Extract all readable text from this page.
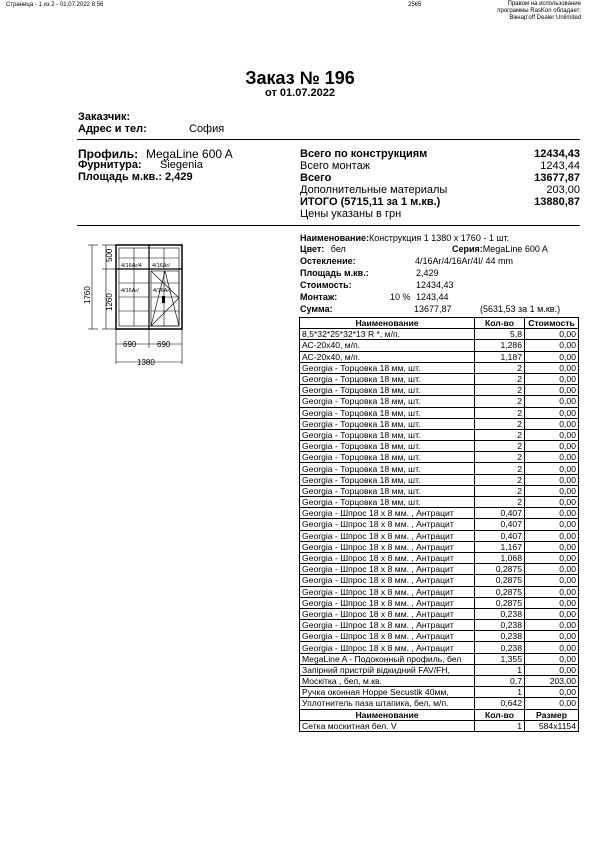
Страница - 1 из 2 - 01.07.2022 8:56	2565	Правом на использование
программы RasKon обладает:
Вікнар'off Dealer Unlimited
Заказ № 196
от 01.07.2022
Заказчик:
Адрес и тел:	София
Профиль: MegaLine 600 A
Фурнитура: Siegenia
Площадь м.кв.: 2,429
Всего по конструкциям	12434,43
Всего монтаж	1243,44
Всего	13677,87
Дополнительные материалы	203,00
ИТОГО (5715,11 за 1 м.кв.)	13880,87
Цены указаны в грн
4/16Ar/4 4/16Ar/
4/16Ar/	4/16Ar/
500
1260
1760
690	690
1380
Наименование:Конструкция 1 1380 x 1760 - 1 шт.
Цвет: бел	Серия:MegaLine 600 A
Остекление:	4/16Ar/4/16Ar/4I/ 44 mm
Площадь м.кв.:	2,429
Стоимость:	12434,43
Монтаж:	10 % 1243,44
Сумма:	13677,87	(5631,53 за 1 м.кв.)
Наименование	Кол-во	Стоимость
8,5*32*25*32*13 R *, м/п.	5,8	0,00
АС-20х40, м/п.	1,286	0,00
АС-20х40, м/п.	1,187	0,00
Georgia - Торцовка 18 мм, шт.	2	0,00
Georgia - Торцовка 18 мм, шт.	2	0,00
Georgia - Торцовка 18 мм, шт.	2	0,00
Georgia - Торцовка 18 мм, шт.	2	0,00
Georgia - Торцовка 18 мм, шт.	2	0,00
Georgia - Торцовка 18 мм, шт.	2	0,00
Georgia - Торцовка 18 мм, шт.	2	0,00
Georgia - Торцовка 18 мм, шт.	2	0,00
Georgia - Торцовка 18 мм, шт.	2	0,00
Georgia - Торцовка 18 мм, шт.	2	0,00
Georgia - Торцовка 18 мм, шт.	2	0,00
Georgia - Торцовка 18 мм, шт.	2	0,00
Georgia - Торцовка 18 мм, шт.	2	0,00
Georgia - Шпрос 18 х 8 мм. , Антрацит	0,407	0,00
Georgia - Шпрос 18 х 8 мм. , Антрацит	0,407	0,00
Georgia - Шпрос 18 х 8 мм. , Антрацит	0,407	0,00
Georgia - Шпрос 18 х 8 мм. , Антрацит	1,167	0,00
Georgia - Шпрос 18 х 8 мм. , Антрацит	1,068	0,00
Georgia - Шпрос 18 х 8 мм. , Антрацит	0,2875	0,00
Georgia - Шпрос 18 х 8 мм. , Антрацит	0,2875	0,00
Georgia - Шпрос 18 х 8 мм. , Антрацит	0,2875	0,00
Georgia - Шпрос 18 х 8 мм. , Антрацит	0,2875	0,00
Georgia - Шпрос 18 х 8 мм. , Антрацит	0,238	0,00
Georgia - Шпрос 18 х 8 мм. , Антрацит	0,238	0,00
Georgia - Шпрос 18 х 8 мм. , Антрацит	0,238	0,00
Georgia - Шпрос 18 х 8 мм. , Антрацит	0,238	0,00
MegaLine A - Подоконный профиль, бел	1,355	0,00
Запірний пристрій відкидний FAV/FH,	1	0,00
Москітка , бел, м.кв.	0,7	203,00
Ручка оконная Hoppe Secustik 40мм,	1	0,00
Уплотнитель паза штапика, бел, м/п.	0,642	0,00
Наименование	Кол-во	Размер
Сетка москитная бел. V	1	584x1154
